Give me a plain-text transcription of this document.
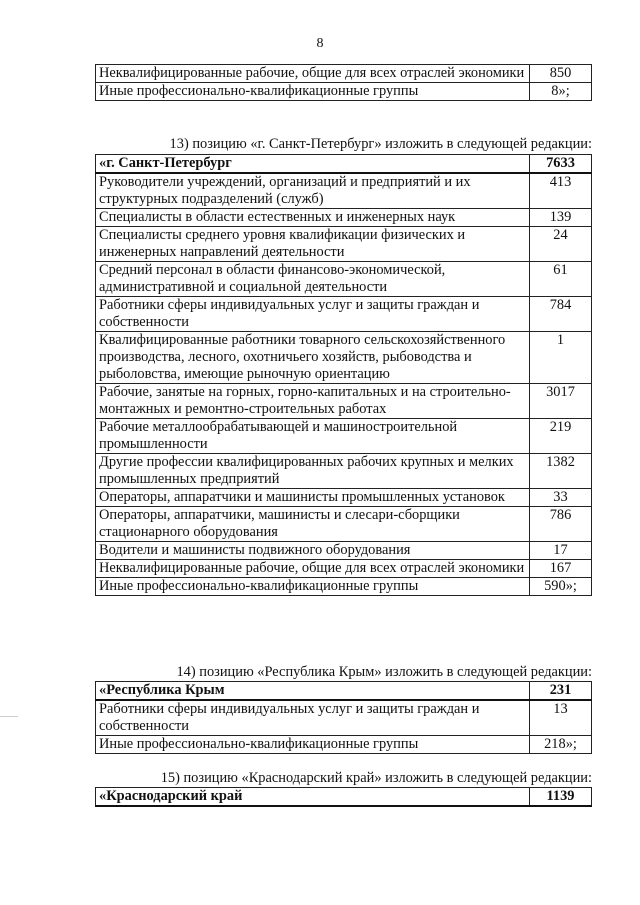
8
Неквалифицированные рабочие, общие для всех отраслей экономики	850
Иные профессионально-квалификационные группы	8»;
13) позицию «г. Санкт-Петербург» изложить в следующей редакции:
«г. Санкт-Петербург	7633
Руководители учреждений, организаций и предприятий и их структурных подразделений (служб)	413
Специалисты в области естественных и инженерных наук	139
Специалисты среднего уровня квалификации физических и инженерных направлений деятельности	24
Средний персонал в области финансово-экономической, административной и социальной деятельности	61
Работники сферы индивидуальных услуг и защиты граждан и собственности	784
Квалифицированные работники товарного сельскохозяйственного производства, лесного, охотничьего хозяйств, рыбоводства и рыболовства, имеющие рыночную ориентацию	1
Рабочие, занятые на горных, горно-капитальных и на строительно-монтажных и ремонтно-строительных работах	3017
Рабочие металлообрабатывающей и машиностроительной промышленности	219
Другие профессии квалифицированных рабочих крупных и мелких промышленных предприятий	1382
Операторы, аппаратчики и машинисты промышленных установок	33
Операторы, аппаратчики, машинисты и слесари-сборщики стационарного оборудования	786
Водители и машинисты подвижного оборудования	17
Неквалифицированные рабочие, общие для всех отраслей экономики	167
Иные профессионально-квалификационные группы	590»;
14) позицию «Республика Крым» изложить в следующей редакции:
«Республика Крым	231
Работники сферы индивидуальных услуг и защиты граждан и собственности	13
Иные профессионально-квалификационные группы	218»;
15) позицию «Краснодарский край» изложить в следующей редакции:
«Краснодарский край	1139
